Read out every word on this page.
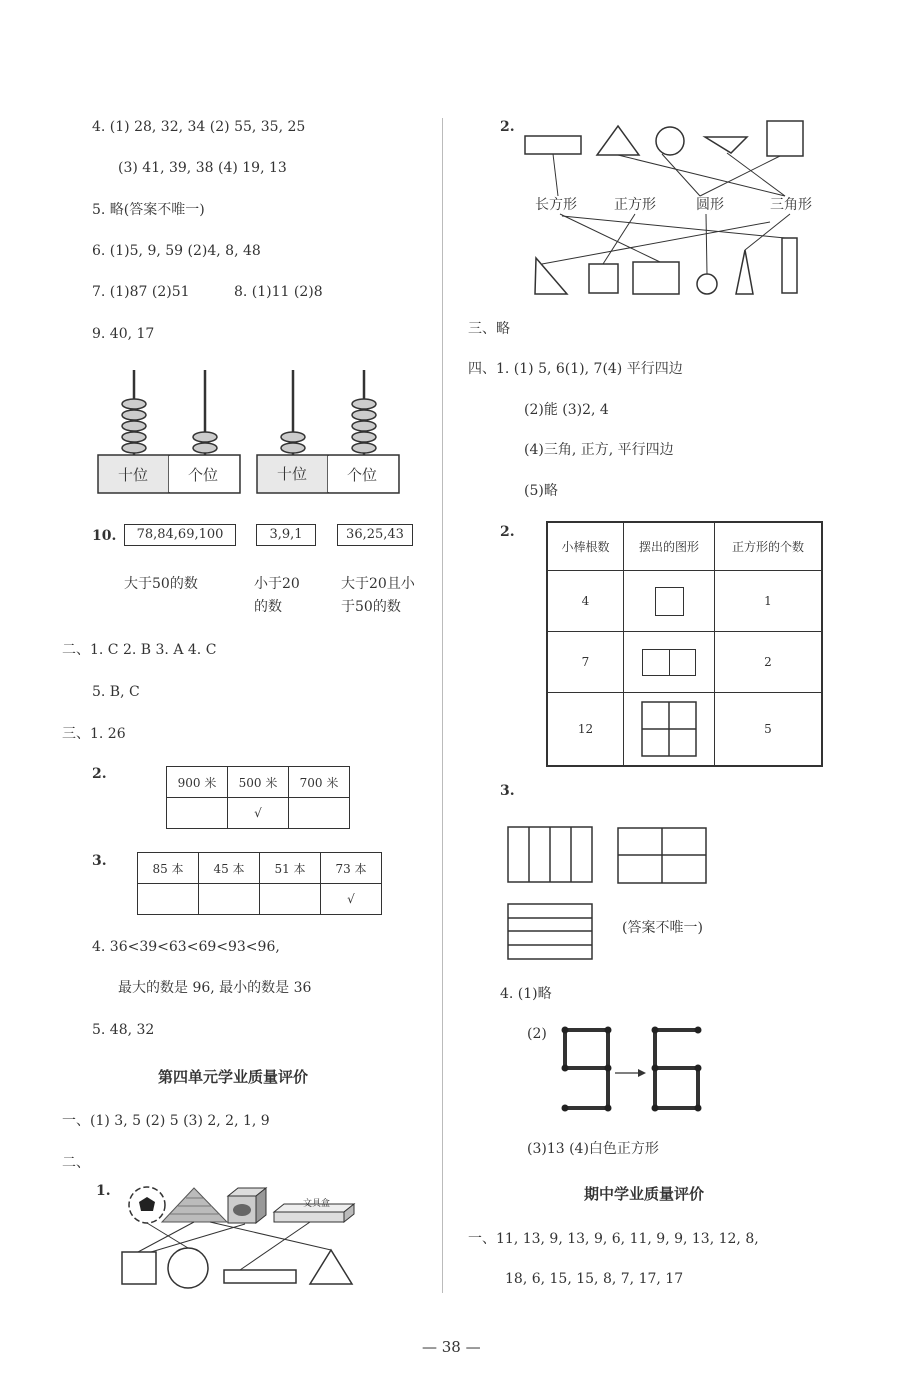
4. (1) 28, 32, 34 (2) 55, 35, 25
(3) 41, 39, 38 (4) 19, 13
5. 略(答案不唯一)
6. (1)5, 9, 59 (2)4, 8, 48
7. (1)87 (2)51	8. (1)11 (2)8
9. 40, 17
十位	个位	十位	个位
10.	78,84,69,100	3,9,1	36,25,43
大于50的数	小于20
的数
大于20且小
于50的数
二、1. C 2. B 3. A 4. C
5. B, C
三、1. 26
2.
900 米	500 米	700 米
	√	
3.	85 本	45 本	51 本	73 本
			√
4. 36<39<63<69<93<96,
最大的数是 96, 最小的数是 36
5. 48, 32
第四单元学业质量评价
一、(1) 3, 5 (2) 5 (3) 2, 2, 1, 9
二、
1.
文具盒
2.
长方形	正方形	圆形	三角形
三、略
四、1. (1) 5, 6(1), 7(4) 平行四边
(2)能 (3)2, 4
(4)三角, 正方, 平行四边
(5)略
2.
小棒根数	摆出的图形	正方形的个数
4		1
7		2
12		5
3.
(答案不唯一)
4. (1)略
(2)
(3)13 (4)白色正方形
期中学业质量评价
一、11, 13, 9, 13, 9, 6, 11, 9, 9, 13, 12, 8,
18, 6, 15, 15, 8, 7, 17, 17
— 38 —
